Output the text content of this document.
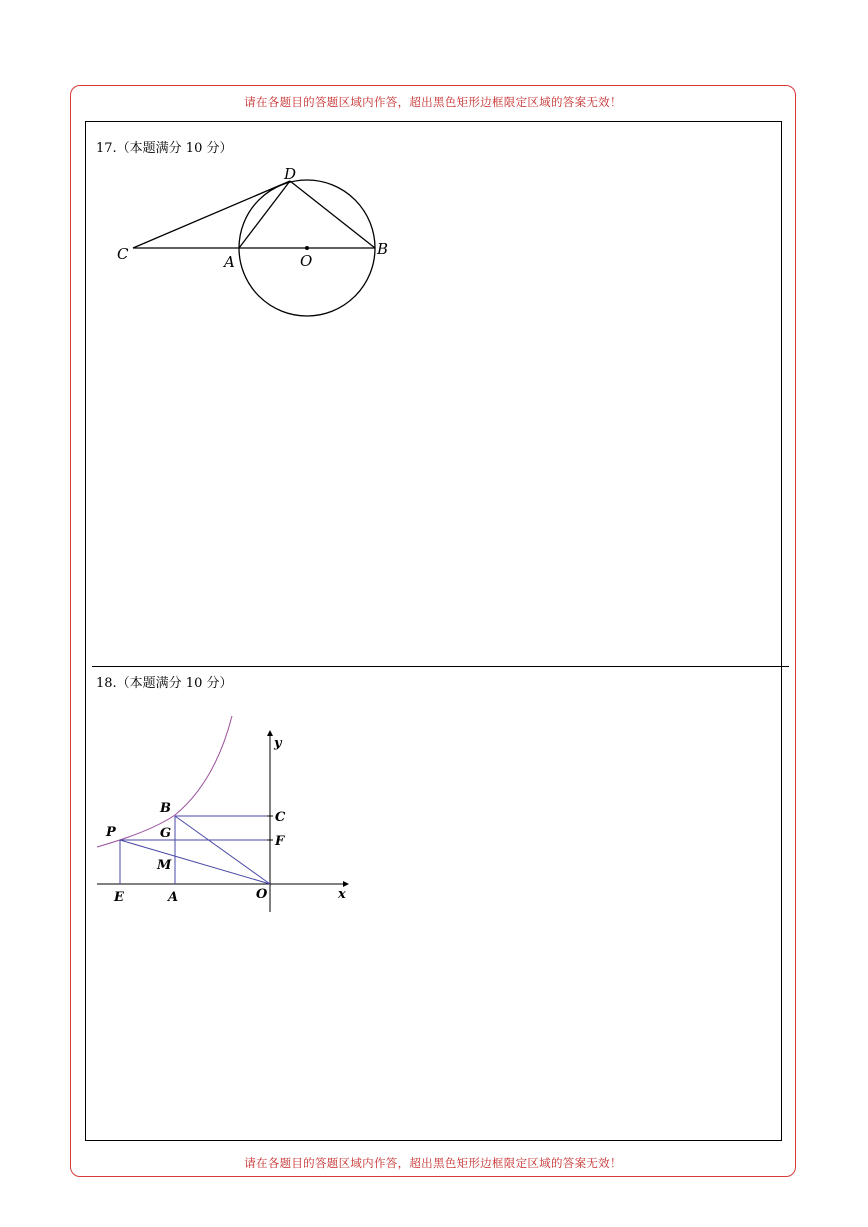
请在各题目的答题区域内作答，超出黑色矩形边框限定区域的答案无效！
17.（本题满分 10 分）
C	A	O
B
D
18.（本题满分 10 分）
y
x
B
C
P	G
F
M
E	A	O
请在各题目的答题区域内作答，超出黑色矩形边框限定区域的答案无效！
